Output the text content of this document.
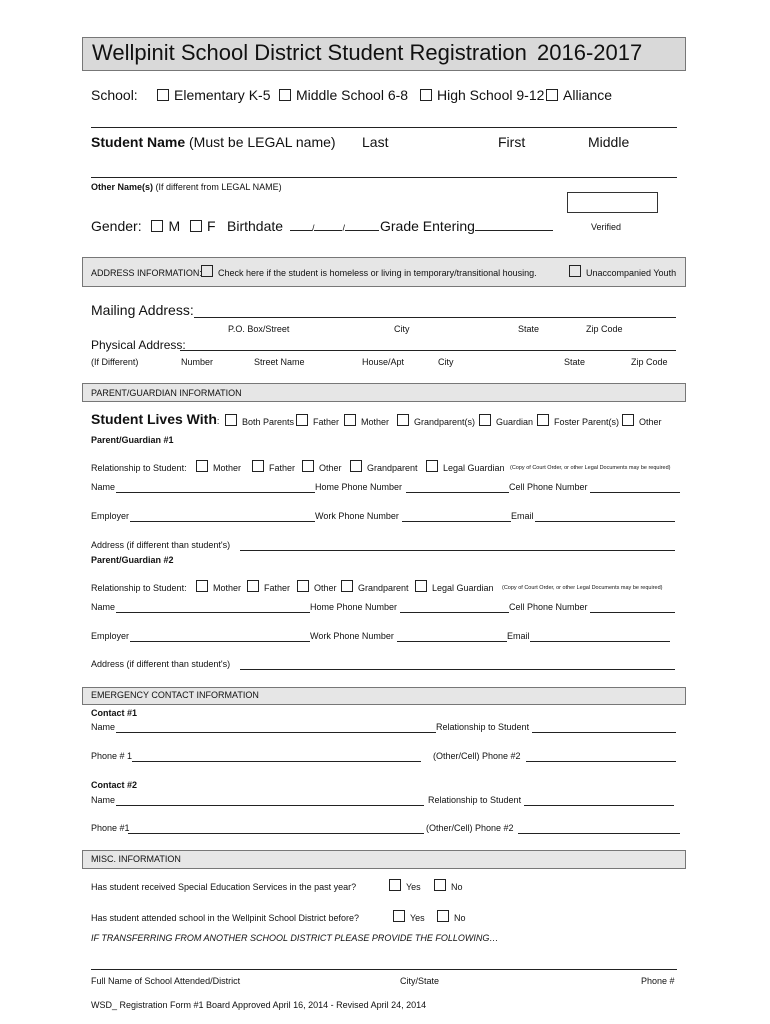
Wellpinit School District Student Registration 2016-2017
School:	Elementary K-5	Middle School 6-8	High School 9-12	Alliance
Student Name (Must be LEGAL name) Last	First	Middle
Other Name(s) (If different from LEGAL NAME)
Verified
Gender: M F Birthdate	/	/	Grade Entering
ADDRESS INFORMATION:	Check here if the student is homeless or living in temporary/transitional housing.	Unaccompanied Youth
Mailing Address:
P.O. Box/Street	City	State	Zip Code
Physical Address:
(If Different)	Number	Street Name	House/Apt	City	State	Zip Code
PARENT/GUARDIAN INFORMATION
Student Lives With:	Both Parents	Father	Mother	Grandparent(s)	Guardian	Foster Parent(s)	Other
Parent/Guardian #1
Relationship to Student:	Mother	Father	Other	Grandparent	Legal Guardian (Copy of Court Order, or other Legal Documents may be required)
Name	Home Phone Number	Cell Phone Number
Employer	Work Phone Number	Email
Address (if different than student's)
Parent/Guardian #2
Relationship to Student:	Mother	Father	Other	Grandparent	Legal Guardian (Copy of Court Order, or other Legal Documents may be required)
Name	Home Phone Number	Cell Phone Number
Employer	Work Phone Number	Email
Address (if different than student's)
EMERGENCY CONTACT INFORMATION
Contact #1
Name	Relationship to Student
Phone # 1	(Other/Cell) Phone #2
Contact #2
Name	Relationship to Student
Phone #1	(Other/Cell) Phone #2
MISC. INFORMATION
Has student received Special Education Services in the past year?	Yes	No
Has student attended school in the Wellpinit School District before?	Yes	No
IF TRANSFERRING FROM ANOTHER SCHOOL DISTRICT PLEASE PROVIDE THE FOLLOWING…
Full Name of School Attended/District	City/State	Phone #
WSD_ Registration Form #1 Board Approved April 16, 2014 - Revised April 24, 2014
